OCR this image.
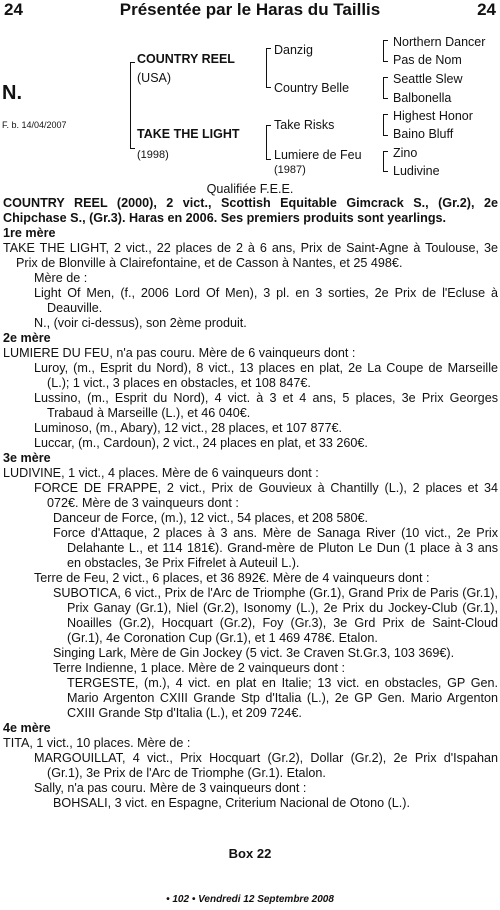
24	Présentée par le Haras du Taillis	24
N.
F. b. 14/04/2007
COUNTRY REEL
(USA)
TAKE THE LIGHT
(1998)
Danzig
Country Belle
Take Risks
Lumiere de Feu
(1987)
Northern Dancer
Pas de Nom
Seattle Slew
Balbonella
Highest Honor
Baino Bluff
Zino
Ludivine
Qualifiée F.E.E.

COUNTRY REEL (2000), 2 vict., Scottish Equitable Gimcrack S., (Gr.2), 2e Chipchase S., (Gr.3). Haras en 2006. Ses premiers produits sont yearlings.

1re mère

TAKE THE LIGHT, 2 vict., 22 places de 2 à 6 ans, Prix de Saint-Agne à Toulouse, 3e Prix de Blonville à Clairefontaine, et de Casson à Nantes, et 25 498€.

Mère de :

Light Of Men, (f., 2006 Lord Of Men), 3 pl. en 3 sorties, 2e Prix de l'Ecluse à Deauville.

N., (voir ci-dessus), son 2ème produit.

2e mère

LUMIERE DU FEU, n'a pas couru. Mère de 6 vainqueurs dont :

Luroy, (m., Esprit du Nord), 8 vict., 13 places en plat, 2e La Coupe de Marseille (L.); 1 vict., 3 places en obstacles, et 108 847€.

Lussino, (m., Esprit du Nord), 4 vict. à 3 et 4 ans, 5 places, 3e Prix Georges Trabaud à Marseille (L.), et 46 040€.

Luminoso, (m., Abary), 12 vict., 28 places, et 107 877€.

Luccar, (m., Cardoun), 2 vict., 24 places en plat, et 33 260€.

3e mère

LUDIVINE, 1 vict., 4 places. Mère de 6 vainqueurs dont :

FORCE DE FRAPPE, 2 vict., Prix de Gouvieux à Chantilly (L.), 2 places et 34 072€. Mère de 3 vainqueurs dont :

Danceur de Force, (m.), 12 vict., 54 places, et 208 580€.

Force d'Attaque, 2 places à 3 ans. Mère de Sanaga River (10 vict., 2e Prix Delahante L., et 114 181€). Grand-mère de Pluton Le Dun (1 place à 3 ans en obstacles, 3e Prix Fifrelet à Auteuil L.).

Terre de Feu, 2 vict., 6 places, et 36 892€. Mère de 4 vainqueurs dont :

SUBOTICA, 6 vict., Prix de l'Arc de Triomphe (Gr.1), Grand Prix de Paris (Gr.1), Prix Ganay (Gr.1), Niel (Gr.2), Isonomy (L.), 2e Prix du Jockey-Club (Gr.1), Noailles (Gr.2), Hocquart (Gr.2), Foy (Gr.3), 3e Grd Prix de Saint-Cloud (Gr.1), 4e Coronation Cup (Gr.1), et 1 469 478€. Etalon.

Singing Lark, Mère de Gin Jockey (5 vict. 3e Craven St.Gr.3, 103 369€).

Terre Indienne, 1 place. Mère de 2 vainqueurs dont :

TERGESTE, (m.), 4 vict. en plat en Italie; 13 vict. en obstacles, GP Gen. Mario Argenton CXIII Grande Stp d'Italia (L.), 2e GP Gen. Mario Argenton CXIII Grande Stp d'Italia (L.), et 209 724€.

4e mère

TITA, 1 vict., 10 places. Mère de :

MARGOUILLAT, 4 vict., Prix Hocquart (Gr.2), Dollar (Gr.2), 2e Prix d'Ispahan (Gr.1), 3e Prix de l'Arc de Triomphe (Gr.1). Etalon.

Sally, n'a pas couru. Mère de 3 vainqueurs dont :

BOHSALI, 3 vict. en Espagne, Criterium Nacional de Otono (L.).

Box 22
• 102 • Vendredi 12 Septembre 2008
